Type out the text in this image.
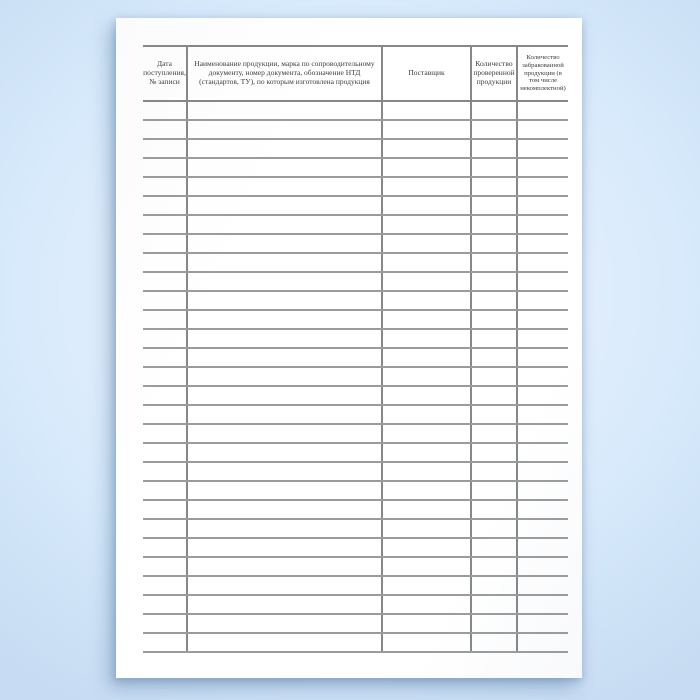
Дата поступления, № записи
Наименование продукции, марка по сопроводительному документу, номер документа, обозначение НТД (стандартов, ТУ), по которым изготовлена продукция
Поставщик
Количество проверенной продукции
Количество забракованной продукции (в том числе некомплектной)
